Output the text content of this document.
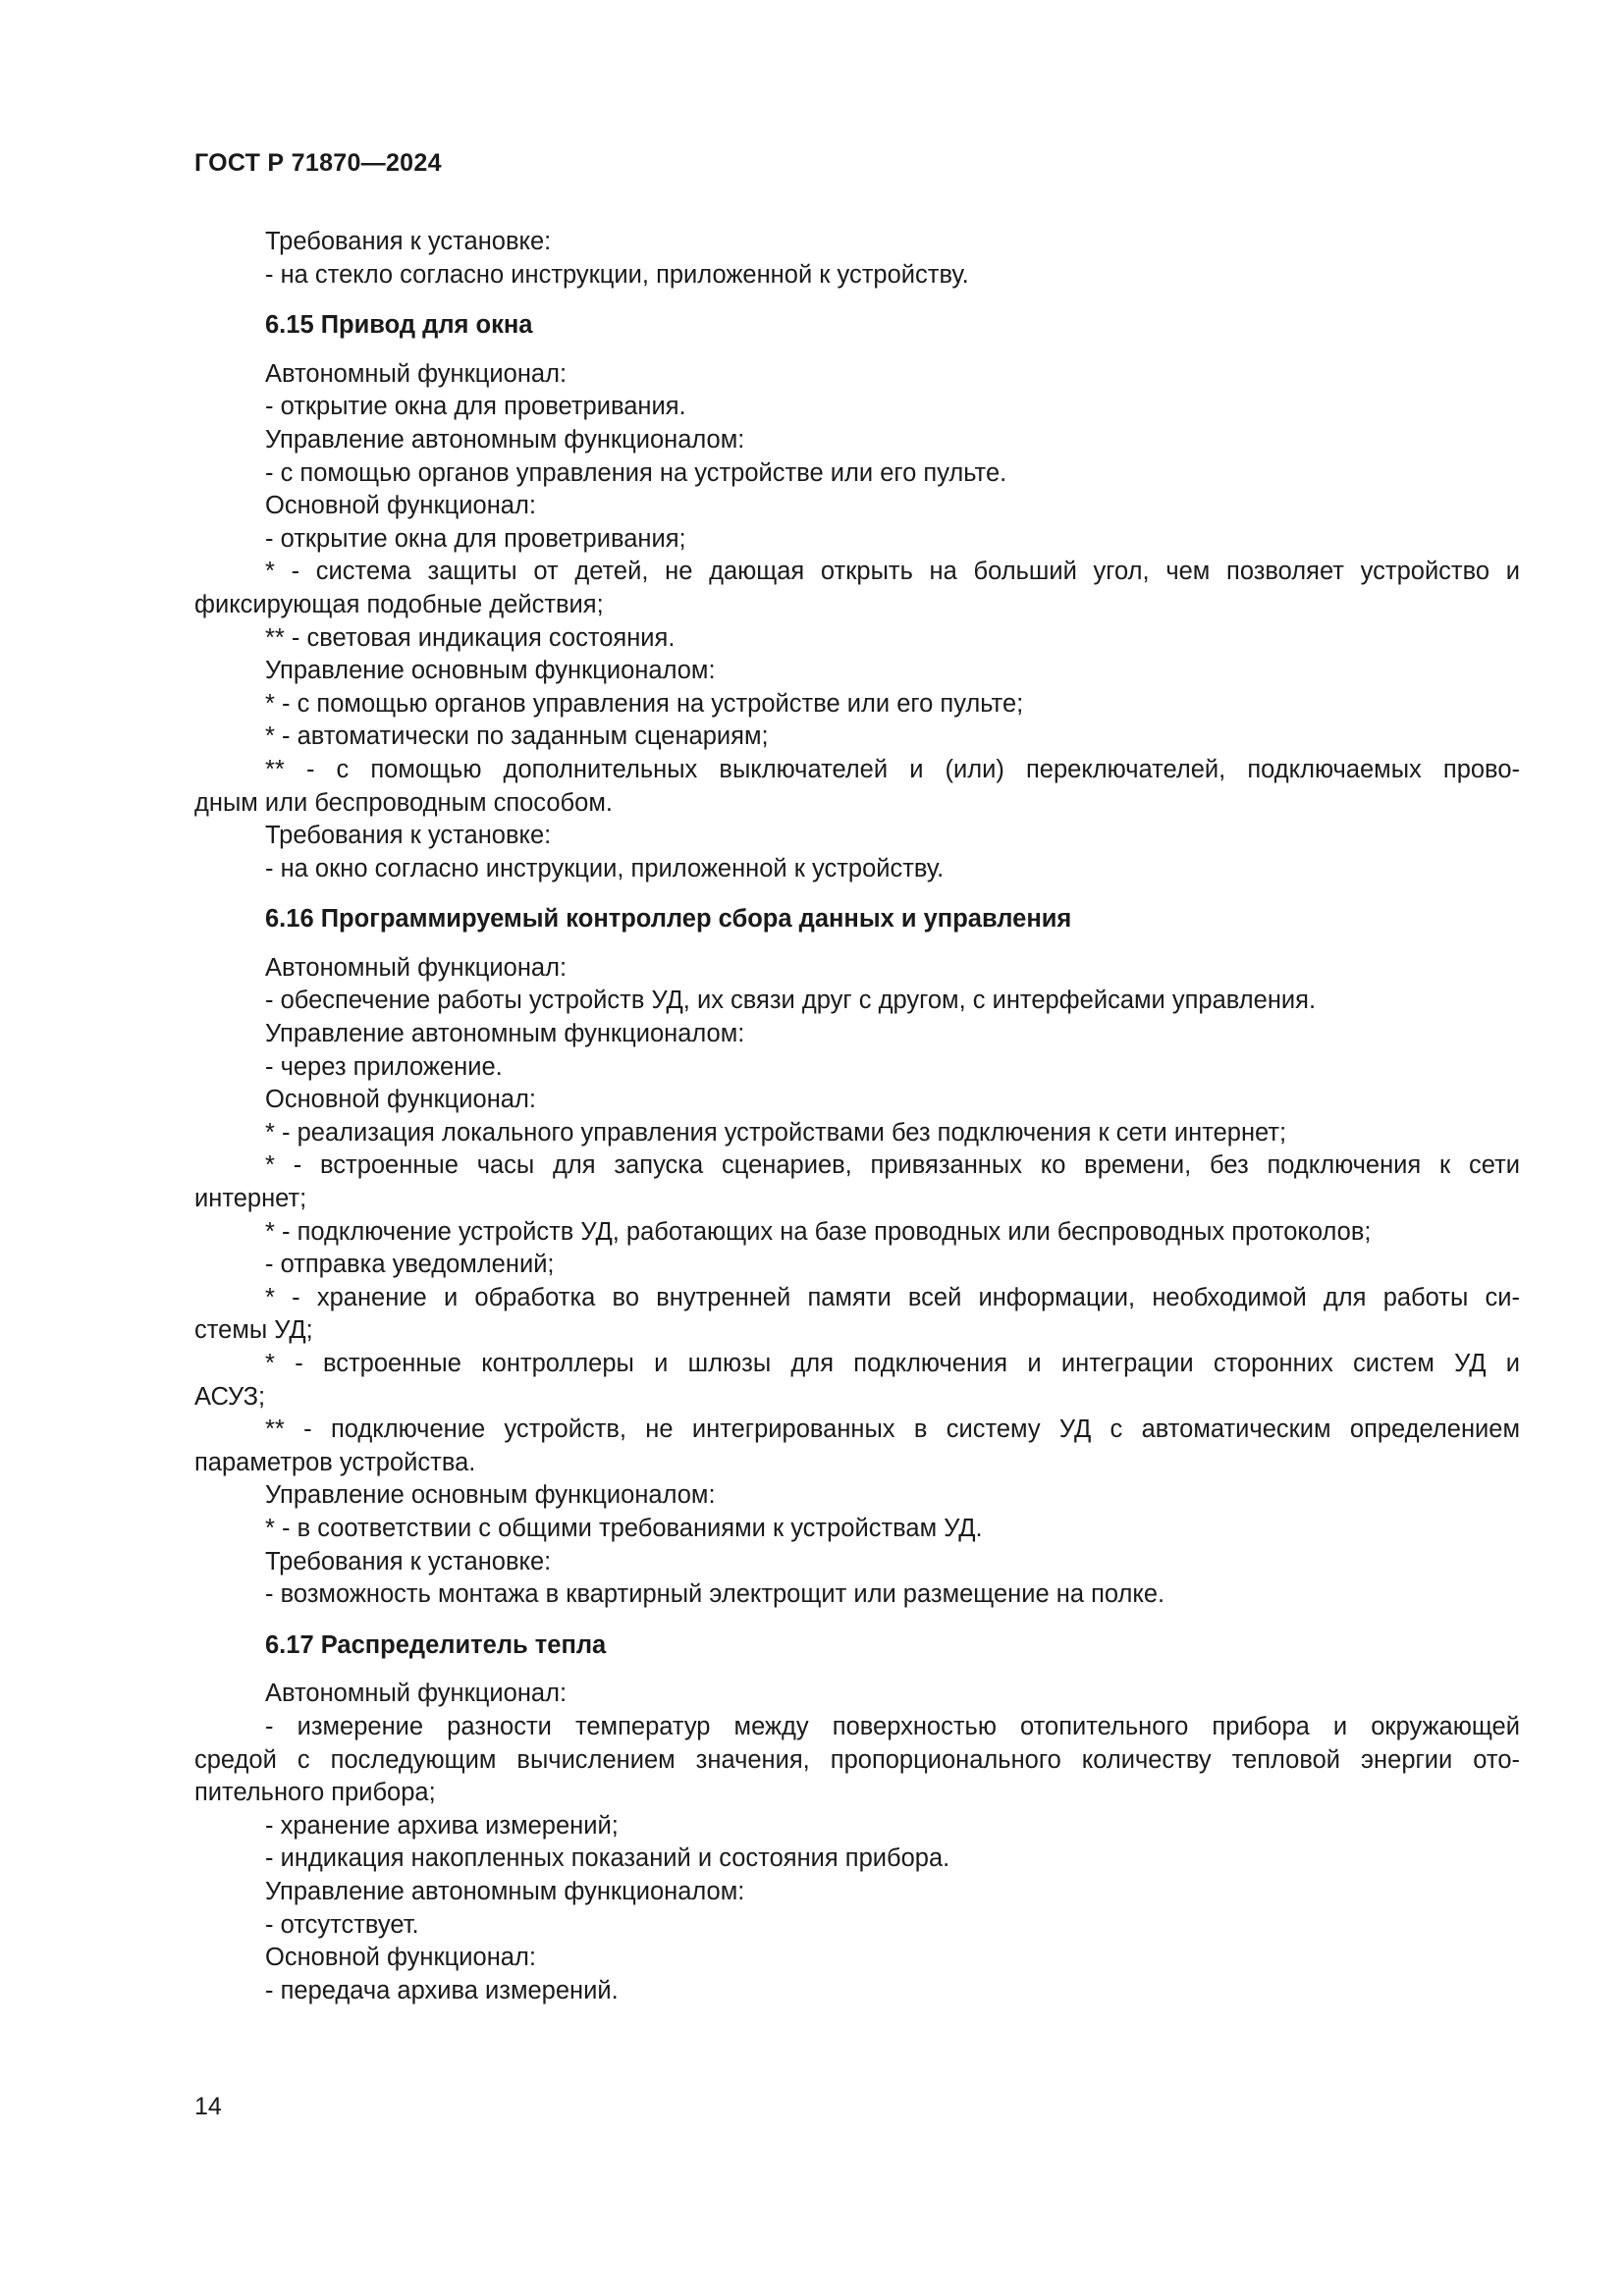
ГОСТ Р 71870—2024
Требования к установке:
- на стекло согласно инструкции, приложенной к устройству.
6.15 Привод для окна
Автономный функционал:
- открытие окна для проветривания.
Управление автономным функционалом:
- с помощью органов управления на устройстве или его пульте.
Основной функционал:
- открытие окна для проветривания;
* - система защиты от детей, не дающая открыть на больший угол, чем позволяет устройство и
фиксирующая подобные действия;
** - световая индикация состояния.
Управление основным функционалом:
* - с помощью органов управления на устройстве или его пульте;
* - автоматически по заданным сценариям;
** - с помощью дополнительных выключателей и (или) переключателей, подключаемых прово-
дным или беспроводным способом.
Требования к установке:
- на окно согласно инструкции, приложенной к устройству.
6.16 Программируемый контроллер сбора данных и управления
Автономный функционал:
- обеспечение работы устройств УД, их связи друг с другом, с интерфейсами управления.
Управление автономным функционалом:
- через приложение.
Основной функционал:
* - реализация локального управления устройствами без подключения к сети интернет;
* - встроенные часы для запуска сценариев, привязанных ко времени, без подключения к сети
интернет;
* - подключение устройств УД, работающих на базе проводных или беспроводных протоколов;
- отправка уведомлений;
* - хранение и обработка во внутренней памяти всей информации, необходимой для работы си-
стемы УД;
* - встроенные контроллеры и шлюзы для подключения и интеграции сторонних систем УД и
АСУЗ;
** - подключение устройств, не интегрированных в систему УД с автоматическим определением
параметров устройства.
Управление основным функционалом:
* - в соответствии с общими требованиями к устройствам УД.
Требования к установке:
- возможность монтажа в квартирный электрощит или размещение на полке.
6.17 Распределитель тепла
Автономный функционал:
- измерение разности температур между поверхностью отопительного прибора и окружающей
средой с последующим вычислением значения, пропорционального количеству тепловой энергии ото-
пительного прибора;
- хранение архива измерений;
- индикация накопленных показаний и состояния прибора.
Управление автономным функционалом:
- отсутствует.
Основной функционал:
- передача архива измерений.
14
